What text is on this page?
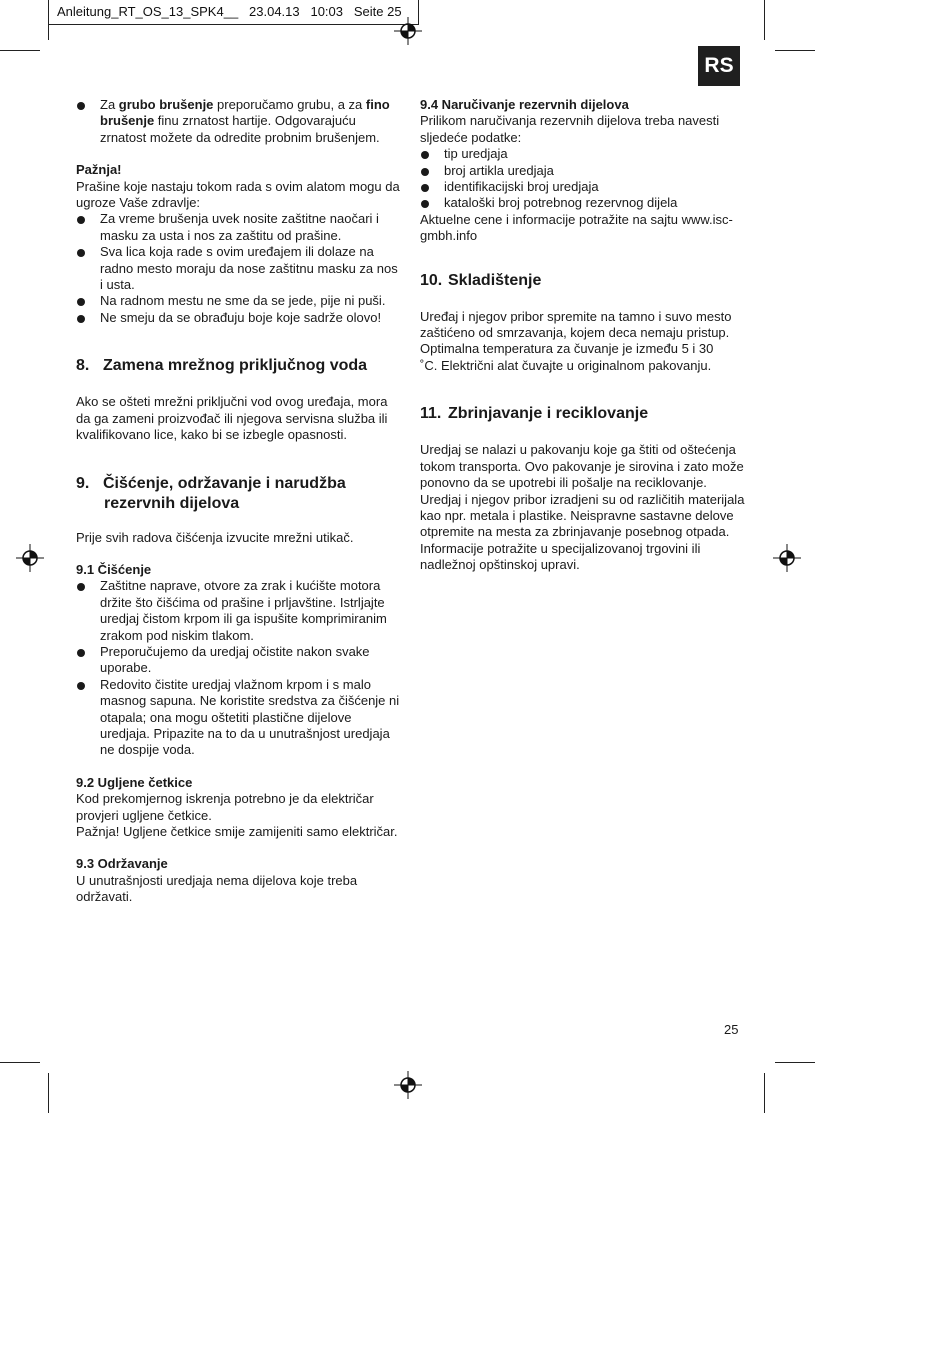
Anleitung_RT_OS_13_SPK4__ 23.04.13 10:03 Seite 25
RS
Za grubo brušenje preporučamo grubu, a za fino brušenje finu zrnatost hartije. Odgovarajuću zrnatost možete da odredite probnim brušenjem.

Pažnja!

Prašine koje nastaju tokom rada s ovim alatom mogu da ugroze Vaše zdravlje:

Za vreme brušenja uvek nosite zaštitne naočari i masku za usta i nos za zaštitu od prašine.
Sva lica koja rade s ovim uređajem ili dolaze na radno mesto moraju da nose zaštitnu masku za nos i usta.
Na radnom mestu ne sme da se jede, pije ni puši.
Ne smeju da se obrađuju boje koje sadrže olovo!

8. Zamena mrežnog priključnog voda

Ako se ošteti mrežni priključni vod ovog uređaja, mora da ga zameni proizvođač ili njegova servisna služba ili kvalifikovano lice, kako bi se izbegle opasnosti.

9. Čišćenje, održavanje i narudžba
rezervnih dijelova

Prije svih radova čišćenja izvucite mrežni utikač.

9.1 Čišćenje

Zaštitne naprave, otvore za zrak i kućište motora držite što čišćima od prašine i prljavštine. Istrljajte uredjaj čistom krpom ili ga ispušite komprimiranim zrakom pod niskim tlakom.
Preporučujemo da uredjaj očistite nakon svake uporabe.
Redovito čistite uredjaj vlažnom krpom i s malo masnog sapuna. Ne koristite sredstva za čišćenje ni otapala; ona mogu oštetiti plastične dijelove uredjaja. Pripazite na to da u unutrašnjost uredjaja ne dospije voda.

9.2 Ugljene četkice

Kod prekomjernog iskrenja potrebno je da električar provjeri ugljene četkice.

Pažnja! Ugljene četkice smije zamijeniti samo električar.

9.3 Održavanje

U unutrašnjosti uredjaja nema dijelova koje treba održavati.

9.4 Naručivanje rezervnih dijelova

Prilikom naručivanja rezervnih dijelova treba navesti sljedeće podatke:

tip uredjaja
broj artikla uredjaja
identifikacijski broj uredjaja
kataloški broj potrebnog rezervnog dijela

Aktuelne cene i informacije potražite na sajtu www.isc-gmbh.info

10. Skladištenje

Uređaj i njegov pribor spremite na tamno i suvo mesto zaštićeno od smrzavanja, kojem deca nemaju pristup. Optimalna temperatura za čuvanje je između 5 i 30

˚C. Električni alat čuvajte u originalnom pakovanju.

11. Zbrinjavanje i reciklovanje

Uredjaj se nalazi u pakovanju koje ga štiti od oštećenja tokom transporta. Ovo pakovanje je sirovina i zato može ponovno da se upotrebi ili pošalje na reciklovanje. Uredjaj i njegov pribor izradjeni su od različitih materijala kao npr. metala i plastike. Neispravne sastavne delove otpremite na mesta za zbrinjavanje posebnog otpada. Informacije potražite u specijalizovanoj trgovini ili nadležnoj opštinskoj upravi.

25
